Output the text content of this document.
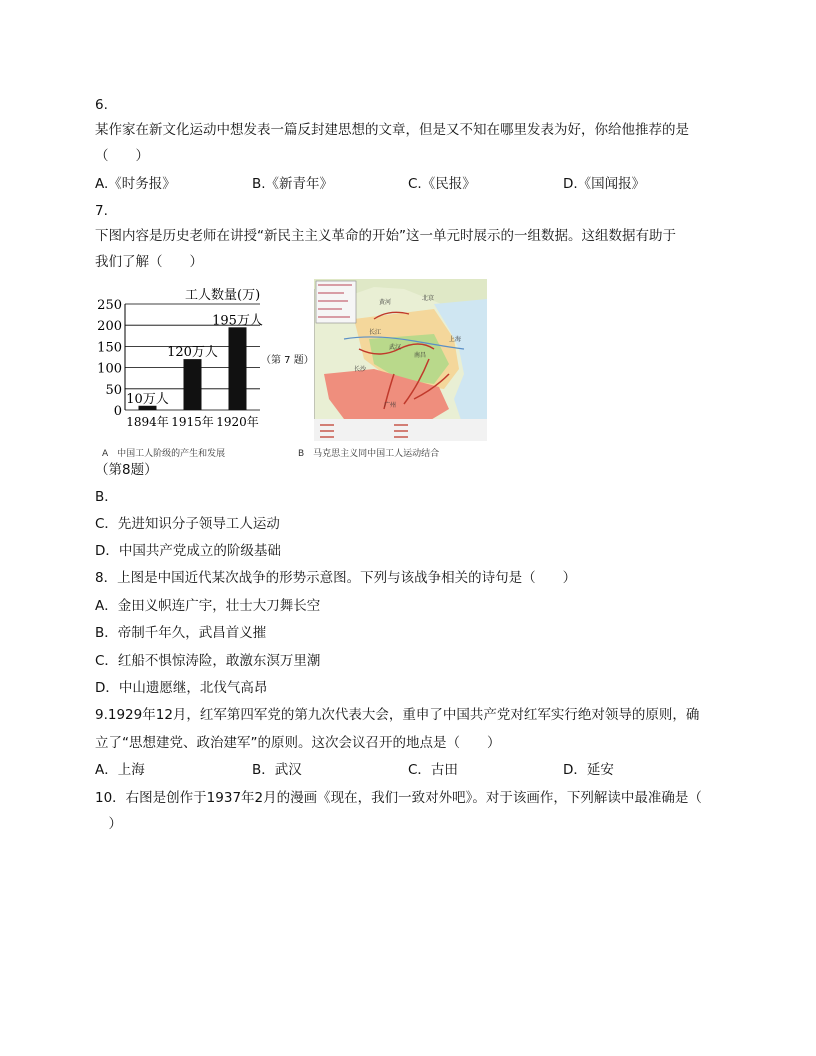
6.
某作家在新文化运动中想发表一篇反封建思想的文章，但是又不知在哪里发表为好，你给他推荐的是
（　　）
A.《时务报》	B.《新青年》	C.《民报》	D.《国闻报》
7.
下图内容是历史老师在讲授“新民主主义革命的开始”这一单元时展示的一组数据。这组数据有助于
我们了解（　　）
0
50
100
150
200
250
10万人
120万人
195万人
1894年 1915年 1920年
工人数量(万)
A　中国工人阶级的产生和发展
（第 7 题）
北京
长沙
武汉
南昌
广州
上海
长江
黄河
B　马克思主义同中国工人运动结合
（第8题）
B．
C．先进知识分子领导工人运动
D．中国共产党成立的阶级基础
8．上图是中国近代某次战争的形势示意图。下列与该战争相关的诗句是（　　）
A．金田义帜连广宇，壮士大刀舞长空
B．帝制千年久，武昌首义摧
C．红船不惧惊涛险，敢激东溟万里潮
D．中山遗愿继，北伐气高昂
9.1929年12月，红军第四军党的第九次代表大会，重申了中国共产党对红军实行绝对领导的原则，确
立了“思想建党、政治建军”的原则。这次会议召开的地点是（　　）
A．上海	B．武汉	C．古田	D．延安
10．右图是创作于1937年2月的漫画《现在，我们一致对外吧》。对于该画作，下列解读中最准确是（
　）
